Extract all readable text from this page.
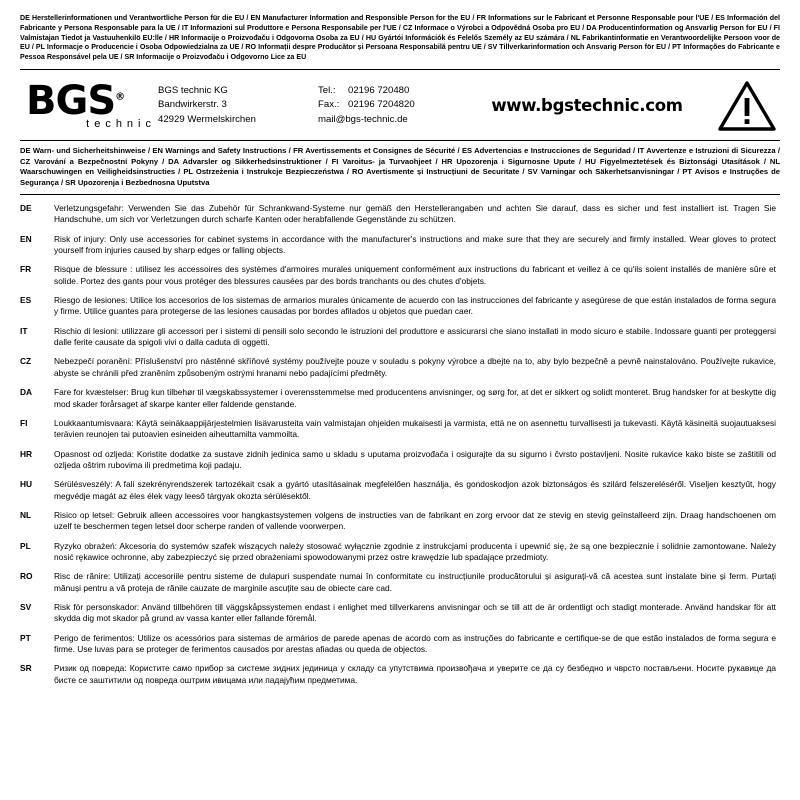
DE Herstellerinformationen und Verantwortliche Person für die EU / EN Manufacturer Information and Responsible Person for the EU / FR Informations sur le Fabricant et Personne Responsable pour l'UE / ES Información del Fabricante y Persona Responsable para la UE / IT Informazioni sul Produttore e Persona Responsabile per l'UE / CZ Informace o Výrobci a Odpovědná Osoba pro EU / DA Producentinformation og Ansvarlig Person for EU / FI Valmistajan Tiedot ja Vastuuhenkilö EU:lle / HR Informacije o Proizvođaču i Odgovorna Osoba za EU / HU Gyártói Információk és Felelős Személy az EU számára / NL Fabrikantinformatie en Verantwoordelijke Persoon voor de EU / PL Informacje o Producencie i Osoba Odpowiedzialna za UE / RO Informații despre Producător și Persoana Responsabilă pentru UE / SV Tillverkarinformation och Ansvarig Person för EU / PT Informações do Fabricante e Pessoa Responsável pela UE / SR Informacije o Proizvođaču i Odgovorno Lice za EU
BGS®
technic
BGS technic KG
Bandwirkerstr. 3
42929 Wermelskirchen
Tel.:	02196 720480
Fax.: 02196 7204820
mail@ bgs-technic.de
www.bgstechnic.com
DE Warn- und Sicherheitshinweise / EN Warnings and Safety Instructions / FR Avertissements et Consignes de Sécurité / ES Advertencias e Instrucciones de Seguridad / IT Avvertenze e Istruzioni di Sicurezza / CZ Varování a Bezpečnostní Pokyny / DA Advarsler og Sikkerhedsinstruktioner / FI Varoitus- ja Turvaohjeet / HR Upozorenja i Sigurnosne Upute / HU Figyelmeztetések és Biztonsági Utasítások / NL Waarschuwingen en Veiligheidsinstructies / PL Ostrzeżenia i Instrukcje Bezpieczeństwa / RO Avertismente și Instrucțiuni de Securitate / SV Varningar och Säkerhetsanvisningar / PT Avisos e Instruções de Segurança / SR Upozorenja i Bezbednosna Uputstva
DE	Verletzungsgefahr: Verwenden Sie das Zubehör für Schrankwand-Systeme nur gemäß den Herstellerangaben und achten Sie darauf, dass es sicher und fest installiert ist. Tragen Sie Handschuhe, um sich vor Verletzungen durch scharfe Kanten oder herabfallende Gegenstände zu schützen.
EN	Risk of injury: Only use accessories for cabinet systems in accordance with the manufacturer's instructions and make sure that they are securely and firmly installed. Wear gloves to protect yourself from injuries caused by sharp edges or falling objects.
FR	Risque de blessure : utilisez les accessoires des systèmes d'armoires murales uniquement conformément aux instructions du fabricant et veillez à ce qu'ils soient installés de manière sûre et solide. Portez des gants pour vous protéger des blessures causées par des bords tranchants ou des chutes d'objets.
ES	Riesgo de lesiones: Utilice los accesorios de los sistemas de armarios murales únicamente de acuerdo con las instrucciones del fabricante y asegúrese de que están instalados de forma segura y firme. Utilice guantes para protegerse de las lesiones causadas por bordes afilados u objetos que puedan caer.
IT	Rischio di lesioni: utilizzare gli accessori per i sistemi di pensili solo secondo le istruzioni del produttore e assicurarsi che siano installati in modo sicuro e stabile. Indossare guanti per proteggersi dalle ferite causate da spigoli vivi o dalla caduta di oggetti.
CZ	Nebezpečí poranění: Příslušenství pro nástěnné skříňové systémy používejte pouze v souladu s pokyny výrobce a dbejte na to, aby bylo bezpečně a pevně nainstalováno. Používejte rukavice, abyste se chránili před zraněním způsobeným ostrými hranami nebo padajícími předměty.
DA	Fare for kvæstelser: Brug kun tilbehør til vægskabssystemer i overensstemmelse med producentens anvisninger, og sørg for, at det er sikkert og solidt monteret. Brug handsker for at beskytte dig mod skader forårsaget af skarpe kanter eller faldende genstande.
FI	Loukkaantumisvaara: Käytä seinäkaappijärjestelmien lisävarusteita vain valmistajan ohjeiden mukaisesti ja varmista, että ne on asennettu turvallisesti ja tukevasti. Käytä käsineitä suojautuaksesi terävien reunojen tai putoavien esineiden aiheuttamilta vammoilta.
HR	Opasnost od ozljeda: Koristite dodatke za sustave zidnih jedinica samo u skladu s uputama proizvođača i osigurajte da su sigurno i čvrsto postavljeni. Nosite rukavice kako biste se zaštitili od ozljeda oštrim rubovima ili predmetima koji padaju.
HU	Sérülésveszély: A fali szekrényrendszerek tartozékait csak a gyártó utasításainak megfelelően használja, és gondoskodjon azok biztonságos és szilárd felszereléséről. Viseljen kesztyűt, hogy megvédje magát az éles élek vagy leeső tárgyak okozta sérülésektől.
NL	Risico op letsel: Gebruik alleen accessoires voor hangkastsystemen volgens de instructies van de fabrikant en zorg ervoor dat ze stevig en stevig geïnstalleerd zijn. Draag handschoenen om uzelf te beschermen tegen letsel door scherpe randen of vallende voorwerpen.
PL	Ryzyko obrażeń: Akcesoria do systemów szafek wiszących należy stosować wyłącznie zgodnie z instrukcjami producenta i upewnić się, że są one bezpiecznie i solidnie zamontowane. Należy nosić rękawice ochronne, aby zabezpieczyć się przed obrażeniami spowodowanymi przez ostre krawędzie lub spadające przedmioty.
RO	Risc de rănire: Utilizați accesoriile pentru sisteme de dulapuri suspendate numai în conformitate cu instrucțiunile producătorului și asigurați-vă că acestea sunt instalate bine și ferm. Purtați mănuși pentru a vă proteja de rănile cauzate de marginile ascuțite sau de obiecte care cad.
SV	Risk för personskador: Använd tillbehören till väggskåpssystemen endast i enlighet med tillverkarens anvisningar och se till att de är ordentligt och stadigt monterade. Använd handskar för att skydda dig mot skador på grund av vassa kanter eller fallande föremål.
PT	Perigo de ferimentos: Utilize os acessórios para sistemas de armários de parede apenas de acordo com as instruções do fabricante e certifique-se de que estão instalados de forma segura e firme. Use luvas para se proteger de ferimentos causados por arestas afiadas ou queda de objectos.
SR	Ризик од повреда: Користите само прибор за системе зидних јединица у складу са упутствима произвођача и уверите се да су безбедно и чврсто постављени. Носите рукавице да бисте се заштитили од повреда оштрим ивицама или падајућим предметима.
